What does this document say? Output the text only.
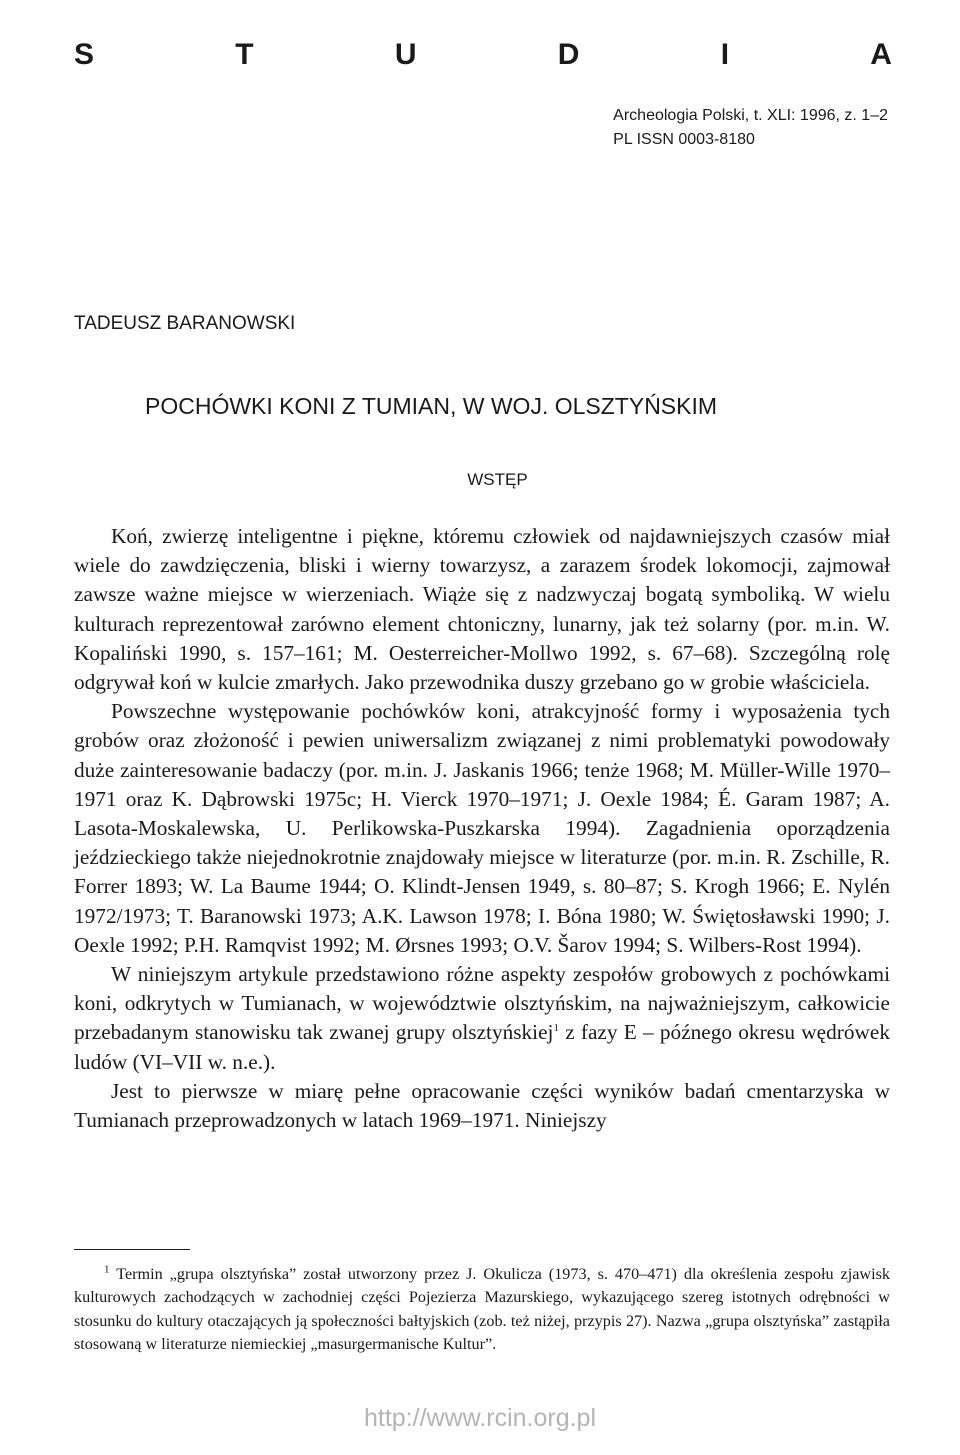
S	T	U	D	I	A
Archeologia Polski, t. XLI: 1996, z. 1–2
PL ISSN 0003-8180
TADEUSZ BARANOWSKI
POCHÓWKI KONI Z TUMIAN, W WOJ. OLSZTYŃSKIM
WSTĘP

Koń, zwierzę inteligentne i piękne, któremu człowiek od najdawniejszych czasów miał wiele do zawdzięczenia, bliski i wierny towarzysz, a zarazem środek lokomocji, zajmował zawsze ważne miejsce w wierzeniach. Wiąże się z nadzwyczaj bogatą symboliką. W wielu kulturach reprezentował zarówno element chtoniczny, lunarny, jak też solarny (por. m.in. W. Kopaliński 1990, s. 157–161; M. Oesterreicher-Mollwo 1992, s. 67–68). Szczególną rolę odgrywał koń w kulcie zmarłych. Jako przewodnika duszy grzebano go w grobie właściciela.

Powszechne występowanie pochówków koni, atrakcyjność formy i wyposażenia tych grobów oraz złożoność i pewien uniwersalizm związanej z nimi problematyki powodowały duże zainteresowanie badaczy (por. m.in. J. Jaskanis 1966; tenże 1968; M. Müller-Wille 1970–1971 oraz K. Dąbrowski 1975c; H. Vierck 1970–1971; J. Oexle 1984; É. Garam 1987; A. Lasota-Moskalewska, U. Perlikowska-Puszkarska 1994). Zagadnienia oporządzenia jeździeckiego także niejednokrotnie znajdowały miejsce w literaturze (por. m.in. R. Zschille, R. Forrer 1893; W. La Baume 1944; O. Klindt-Jensen 1949, s. 80–87; S. Krogh 1966; E. Nylén 1972/1973; T. Baranowski 1973; A.K. Lawson 1978; I. Bóna 1980; W. Świętosławski 1990; J. Oexle 1992; P.H. Ramqvist 1992; M. Ørsnes 1993; O.V. Šarov 1994; S. Wilbers-Rost 1994).

W niniejszym artykule przedstawiono różne aspekty zespołów grobowych z pochówkami koni, odkrytych w Tumianach, w województwie olsztyńskim, na najważniejszym, całkowicie przebadanym stanowisku tak zwanej grupy olsztyńskiej$^1$ z fazy E – późnego okresu wędrówek ludów (VI–VII w. n.e.).

Jest to pierwsze w miarę pełne opracowanie części wyników badań cmentarzyska w Tumianach przeprowadzonych w latach 1969–1971. Niniejszy

$^1$ Termin „grupa olsztyńska” został utworzony przez J. Okulicza (1973, s. 470–471) dla określenia zespołu zjawisk kulturowych zachodzących w zachodniej części Pojezierza Mazurskiego, wykazującego szereg istotnych odrębności w stosunku do kultury otaczających ją społeczności bałtyjskich (zob. też niżej, przypis 27). Nazwa „grupa olsztyńska” zastąpiła stosowaną w literaturze niemieckiej „masurgermanische Kultur”.

http://www.rcin.org.pl
